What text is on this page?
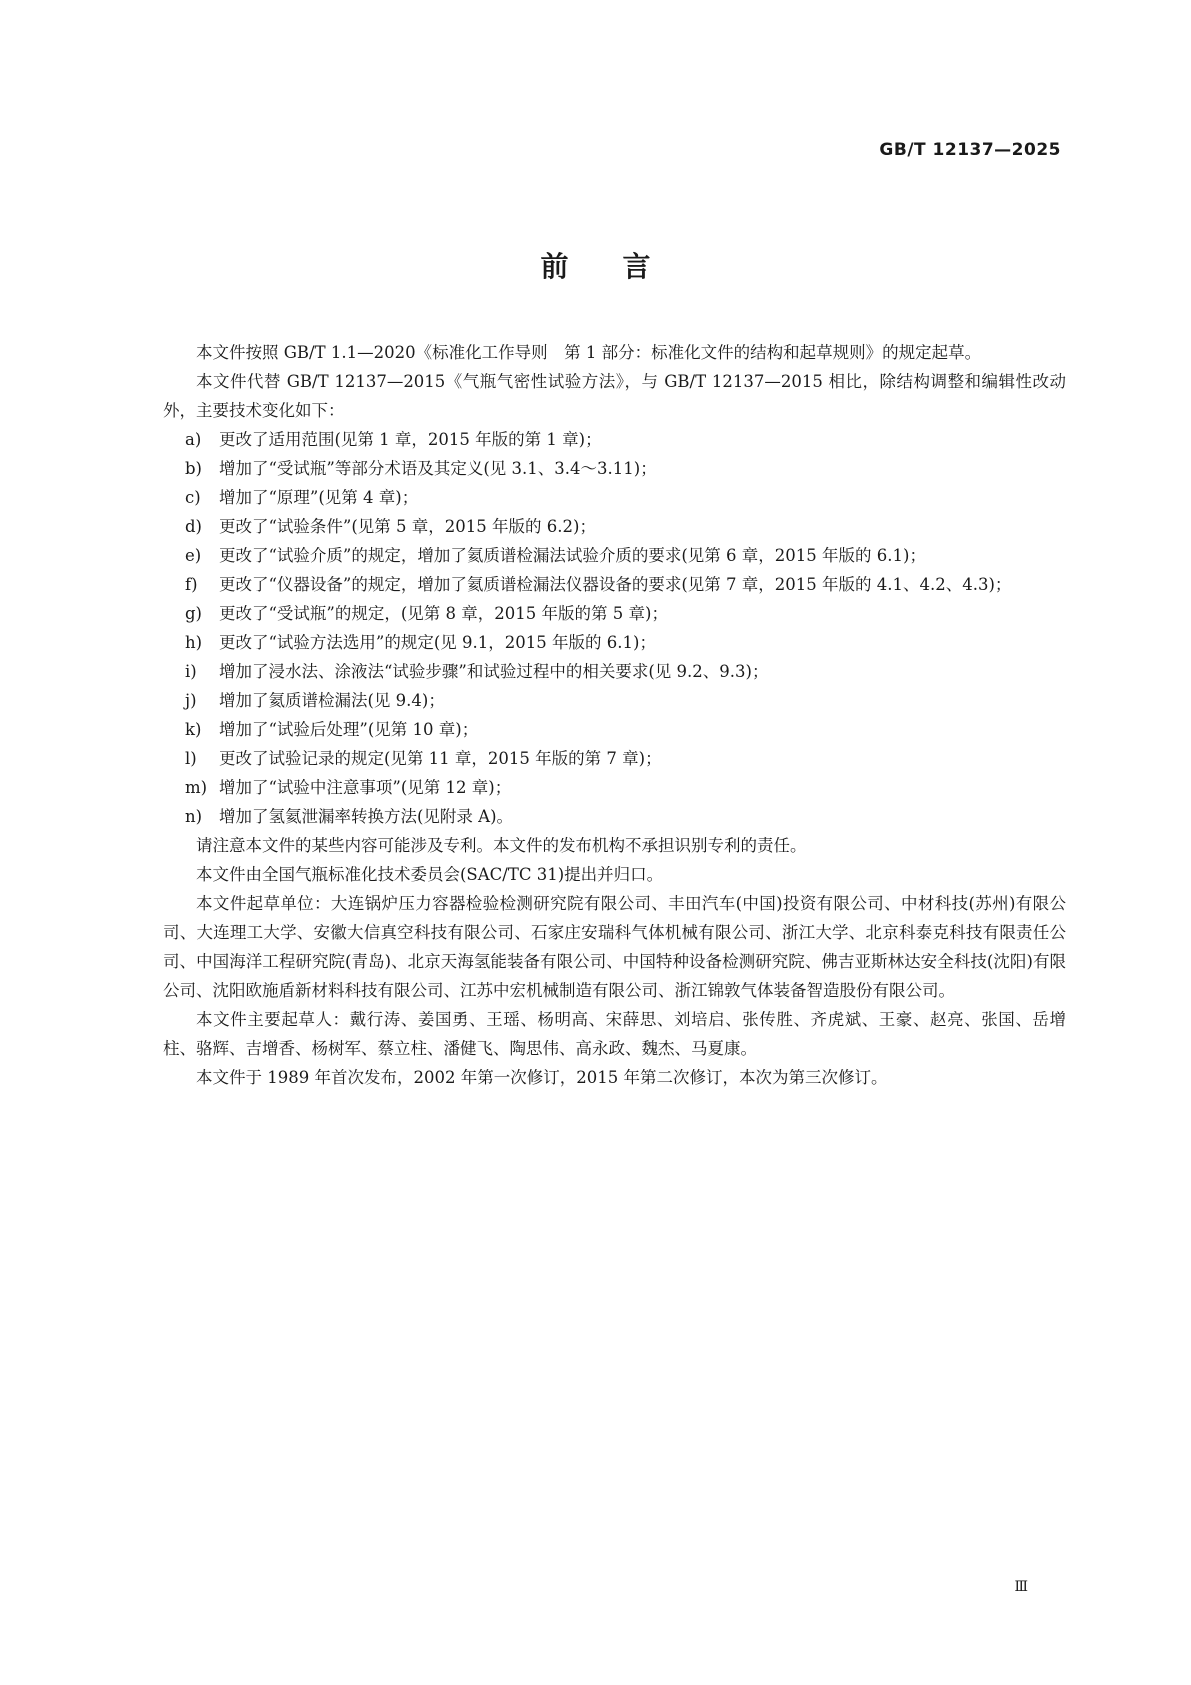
GB/T 12137—2025
前言

本文件按照 GB/T 1.1—2020《标准化工作导则　第 1 部分：标准化文件的结构和起草规则》的规定起草。

本文件代替 GB/T 12137—2015《气瓶气密性试验方法》，与 GB/T 12137—2015 相比，除结构调整和编辑性改动外，主要技术变化如下：

a) 更改了适用范围(见第 1 章，2015 年版的第 1 章)；
b) 增加了“受试瓶”等部分术语及其定义(见 3.1、3.4～3.11)；
c) 增加了“原理”(见第 4 章)；
d) 更改了“试验条件”(见第 5 章，2015 年版的 6.2)；
e) 更改了“试验介质”的规定，增加了氦质谱检漏法试验介质的要求(见第 6 章，2015 年版的 6.1)；
f) 更改了“仪器设备”的规定，增加了氦质谱检漏法仪器设备的要求(见第 7 章，2015 年版的 4.1、4.2、4.3)；
g) 更改了“受试瓶”的规定，(见第 8 章，2015 年版的第 5 章)；
h) 更改了“试验方法选用”的规定(见 9.1，2015 年版的 6.1)；
i) 增加了浸水法、涂液法“试验步骤”和试验过程中的相关要求(见 9.2、9.3)；
j) 增加了氦质谱检漏法(见 9.4)；
k) 增加了“试验后处理”(见第 10 章)；
l) 更改了试验记录的规定(见第 11 章，2015 年版的第 7 章)；
m) 增加了“试验中注意事项”(见第 12 章)；
n) 增加了氢氦泄漏率转换方法(见附录 A)。

请注意本文件的某些内容可能涉及专利。本文件的发布机构不承担识别专利的责任。

本文件由全国气瓶标准化技术委员会(SAC/TC 31)提出并归口。

本文件起草单位：大连锅炉压力容器检验检测研究院有限公司、丰田汽车(中国)投资有限公司、中材科技(苏州)有限公司、大连理工大学、安徽大信真空科技有限公司、石家庄安瑞科气体机械有限公司、浙江大学、北京科泰克科技有限责任公司、中国海洋工程研究院(青岛)、北京天海氢能装备有限公司、中国特种设备检测研究院、佛吉亚斯林达安全科技(沈阳)有限公司、沈阳欧施盾新材料科技有限公司、江苏中宏机械制造有限公司、浙江锦敦气体装备智造股份有限公司。

本文件主要起草人：戴行涛、姜国勇、王瑶、杨明高、宋薛思、刘培启、张传胜、齐虎斌、王豪、赵亮、张国、岳增柱、骆辉、吉增香、杨树军、蔡立柱、潘健飞、陶思伟、高永政、魏杰、马夏康。

本文件于 1989 年首次发布，2002 年第一次修订，2015 年第二次修订，本次为第三次修订。

Ⅲ
